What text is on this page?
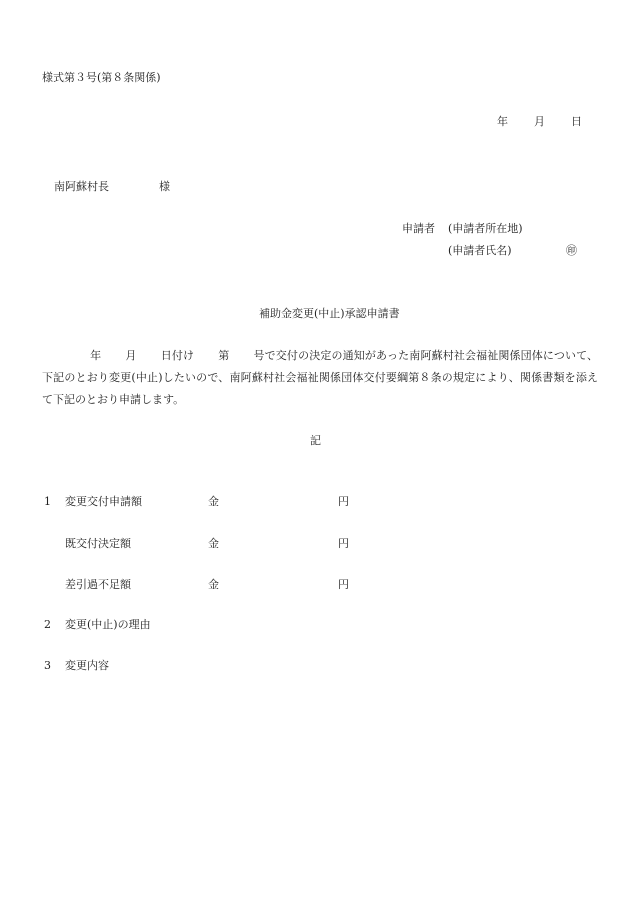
様式第３号(第８条関係)
年 月 日
南阿蘇村長	様
申請者 (申請者所在地)
(申請者氏名)	㊞
補助金変更(中止)承認申請書
年 月 日付け 第 号で交付の決定の通知があった南阿蘇村社会福祉関係団体について、下記のとおり変更(中止)したいので、南阿蘇村社会福祉関係団体交付要綱第８条の規定により、関係書類を添えて下記のとおり申請します。
記
1 変更交付申請額	金	円
既交付決定額	金	円
差引過不足額	金	円
2 変更(中止)の理由
3 変更内容
